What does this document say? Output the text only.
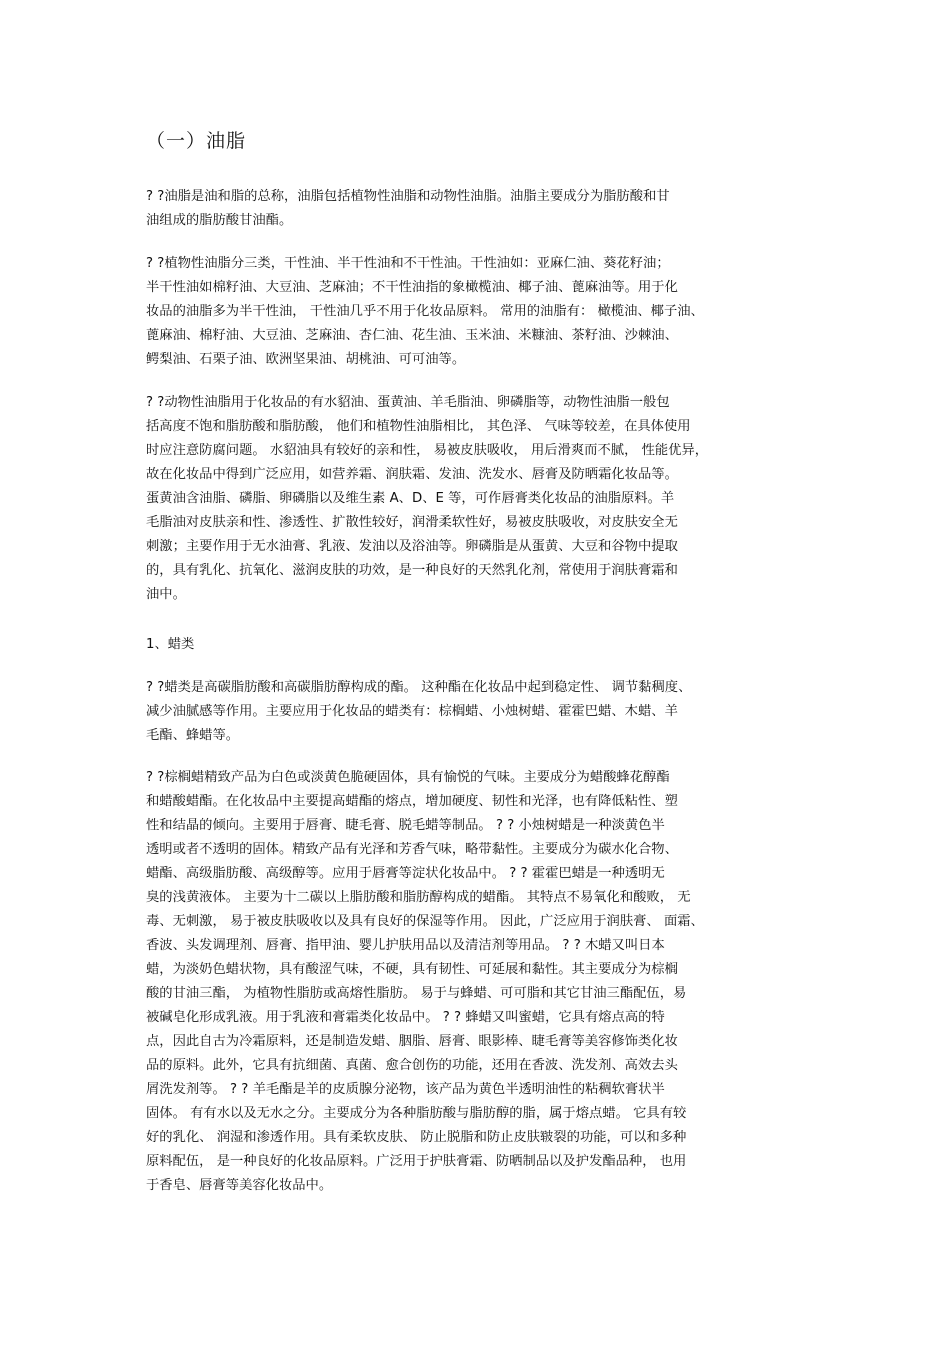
（一）油脂
? ?油脂是油和脂的总称，油脂包括植物性油脂和动物性油脂。油脂主要成分为脂肪酸和甘
油组成的脂肪酸甘油酯。
? ?植物性油脂分三类，干性油、半干性油和不干性油。干性油如：亚麻仁油、葵花籽油；
半干性油如棉籽油、大豆油、芝麻油；不干性油指的象橄榄油、椰子油、蓖麻油等。用于化
妆品的油脂多为半干性油， 干性油几乎不用于化妆品原料。 常用的油脂有： 橄榄油、椰子油、
蓖麻油、棉籽油、大豆油、芝麻油、杏仁油、花生油、玉米油、米糠油、茶籽油、沙棘油、
鳄梨油、石栗子油、欧洲坚果油、胡桃油、可可油等。
? ?动物性油脂用于化妆品的有水貂油、蛋黄油、羊毛脂油、卵磷脂等，动物性油脂一般包
括高度不饱和脂肪酸和脂肪酸， 他们和植物性油脂相比， 其色泽、 气味等较差，在具体使用
时应注意防腐问题。 水貂油具有较好的亲和性， 易被皮肤吸收， 用后滑爽而不腻， 性能优异，
故在化妆品中得到广泛应用，如营养霜、润肤霜、发油、洗发水、唇膏及防晒霜化妆品等。
蛋黄油含油脂、磷脂、卵磷脂以及维生素 A、D、E 等，可作唇膏类化妆品的油脂原料。羊
毛脂油对皮肤亲和性、渗透性、扩散性较好，润滑柔软性好，易被皮肤吸收，对皮肤安全无
刺激；主要作用于无水油膏、乳液、发油以及浴油等。卵磷脂是从蛋黄、大豆和谷物中提取
的，具有乳化、抗氧化、滋润皮肤的功效，是一种良好的天然乳化剂，常使用于润肤膏霜和
油中。
1、蜡类
? ?蜡类是高碳脂肪酸和高碳脂肪醇构成的酯。 这种酯在化妆品中起到稳定性、 调节黏稠度、
减少油腻感等作用。主要应用于化妆品的蜡类有：棕榈蜡、小烛树蜡、霍霍巴蜡、木蜡、羊
毛酯、蜂蜡等。
? ?棕榈蜡精致产品为白色或淡黄色脆硬固体，具有愉悦的气味。主要成分为蜡酸蜂花醇酯
和蜡酸蜡酯。在化妆品中主要提高蜡酯的熔点，增加硬度、韧性和光泽，也有降低粘性、塑
性和结晶的倾向。主要用于唇膏、睫毛膏、脱毛蜡等制品。 ? ? 小烛树蜡是一种淡黄色半
透明或者不透明的固体。精致产品有光泽和芳香气味，略带黏性。主要成分为碳水化合物、
蜡酯、高级脂肪酸、高级醇等。应用于唇膏等淀状化妆品中。 ? ? 霍霍巴蜡是一种透明无
臭的浅黄液体。 主要为十二碳以上脂肪酸和脂肪醇构成的蜡酯。 其特点不易氧化和酸败， 无
毒、无刺激， 易于被皮肤吸收以及具有良好的保湿等作用。 因此，广泛应用于润肤膏、 面霜、
香波、头发调理剂、唇膏、指甲油、婴儿护肤用品以及清洁剂等用品。 ? ? 木蜡又叫日本
蜡，为淡奶色蜡状物，具有酸涩气味，不硬，具有韧性、可延展和黏性。其主要成分为棕榈
酸的甘油三酯， 为植物性脂肪或高熔性脂肪。 易于与蜂蜡、可可脂和其它甘油三酯配伍，易
被碱皂化形成乳液。用于乳液和膏霜类化妆品中。 ? ? 蜂蜡又叫蜜蜡，它具有熔点高的特
点，因此自古为冷霜原料，还是制造发蜡、胭脂、唇膏、眼影棒、睫毛膏等美容修饰类化妆
品的原料。此外，它具有抗细菌、真菌、愈合创伤的功能，还用在香波、洗发剂、高效去头
屑洗发剂等。 ? ? 羊毛酯是羊的皮质腺分泌物，该产品为黄色半透明油性的粘稠软膏状半
固体。 有有水以及无水之分。主要成分为各种脂肪酸与脂肪醇的脂，属于熔点蜡。 它具有较
好的乳化、 润湿和渗透作用。具有柔软皮肤、 防止脱脂和防止皮肤皲裂的功能，可以和多种
原料配伍， 是一种良好的化妆品原料。广泛用于护肤膏霜、防晒制品以及护发酯品种， 也用
于香皂、唇膏等美容化妆品中。
